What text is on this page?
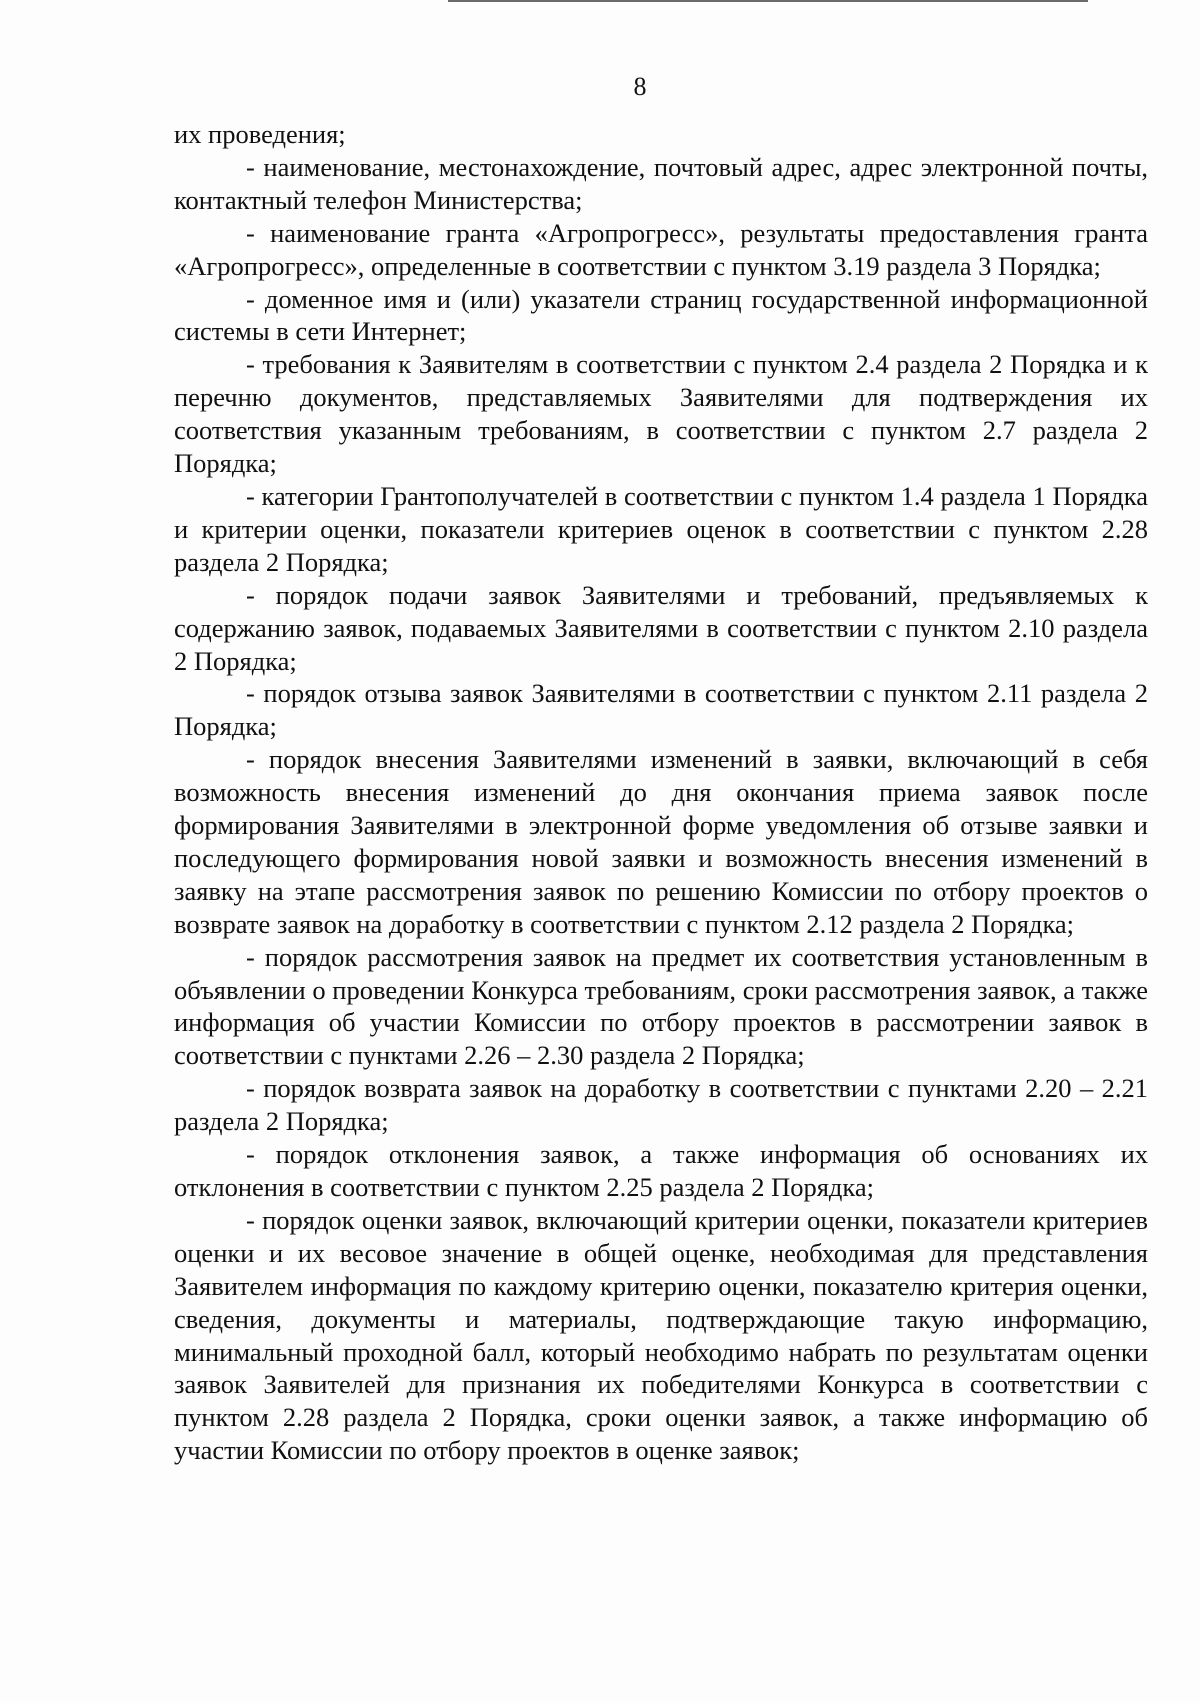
8

их проведения;

- наименование, местонахождение, почтовый адрес, адрес электронной почты, контактный телефон Министерства;

- наименование гранта «Агропрогресс», результаты предоставления гранта «Агропрогресс», определенные в соответствии с пунктом 3.19 раздела 3 Порядка;

- доменное имя и (или) указатели страниц государственной информационной системы в сети Интернет;

- требования к Заявителям в соответствии с пунктом 2.4 раздела 2 Порядка и к перечню документов, представляемых Заявителями для подтверждения их соответствия указанным требованиям, в соответствии с пунктом 2.7 раздела 2 Порядка;

- категории Грантополучателей в соответствии с пунктом 1.4 раздела 1 Порядка и критерии оценки, показатели критериев оценок в соответствии с пунктом 2.28 раздела 2 Порядка;

- порядок подачи заявок Заявителями и требований, предъявляемых к содержанию заявок, подаваемых Заявителями в соответствии с пунктом 2.10 раздела 2 Порядка;

- порядок отзыва заявок Заявителями в соответствии с пунктом 2.11 раздела 2 Порядка;

- порядок внесения Заявителями изменений в заявки, включающий в себя возможность внесения изменений до дня окончания приема заявок после формирования Заявителями в электронной форме уведомления об отзыве заявки и последующего формирования новой заявки и возможность внесения изменений в заявку на этапе рассмотрения заявок по решению Комиссии по отбору проектов о возврате заявок на доработку в соответствии с пунктом 2.12 раздела 2 Порядка;

- порядок рассмотрения заявок на предмет их соответствия установленным в объявлении о проведении Конкурса требованиям, сроки рассмотрения заявок, а также информация об участии Комиссии по отбору проектов в рассмотрении заявок в соответствии с пунктами 2.26 – 2.30 раздела 2 Порядка;

- порядок возврата заявок на доработку в соответствии с пунктами 2.20 – 2.21 раздела 2 Порядка;

- порядок отклонения заявок, а также информация об основаниях их отклонения в соответствии с пунктом 2.25 раздела 2 Порядка;

- порядок оценки заявок, включающий критерии оценки, показатели критериев оценки и их весовое значение в общей оценке, необходимая для представления Заявителем информация по каждому критерию оценки, показателю критерия оценки, сведения, документы и материалы, подтверждающие такую информацию, минимальный проходной балл, который необходимо набрать по результатам оценки заявок Заявителей для признания их победителями Конкурса в соответствии с пунктом 2.28 раздела 2 Порядка, сроки оценки заявок, а также информацию об участии Комиссии по отбору проектов в оценке заявок;
